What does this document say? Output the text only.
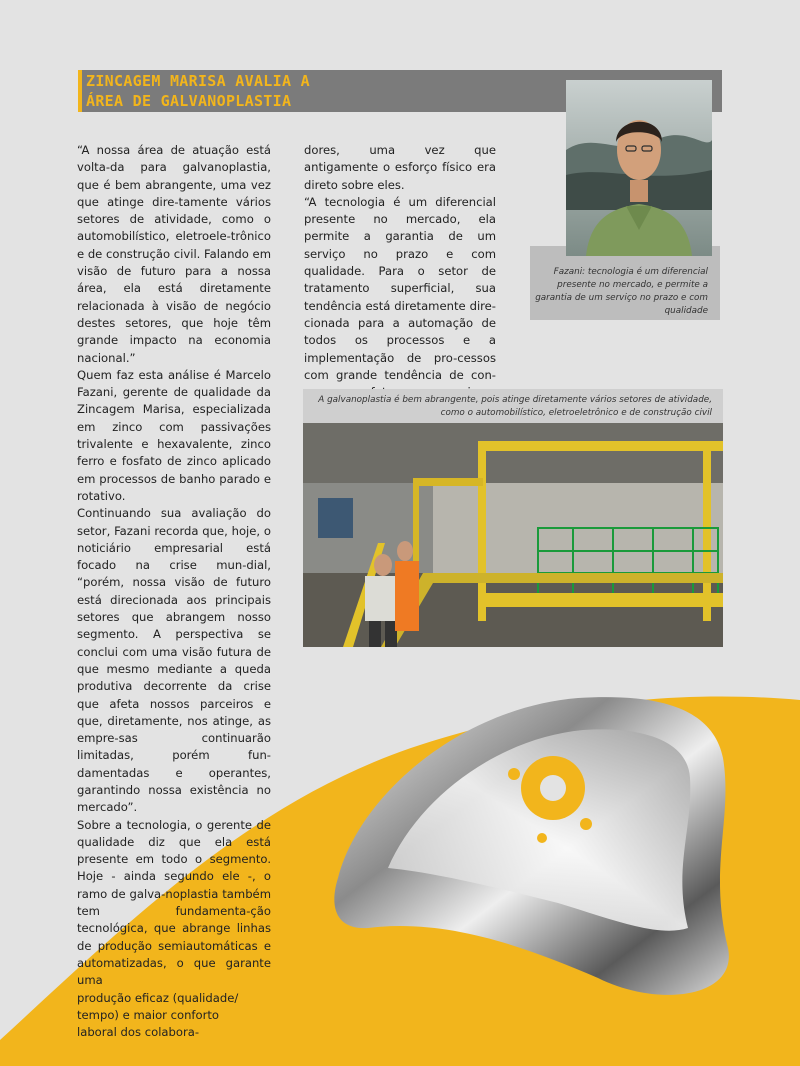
ZINCAGEM MARISA AVALIA A
ÁREA DE GALVANOPLASTIA

“A nossa área de atuação está volta-da para galvanoplastia, que é bem abrangente, uma vez que atinge dire-tamente vários setores de atividade, como o automobilístico, eletroele-trônico e de construção civil. Falando em visão de futuro para a nossa área, ela está diretamente relacionada à visão de negócio destes setores, que hoje têm grande impacto na economia nacional.”

Quem faz esta análise é Marcelo Fazani, gerente de qualidade da Zincagem Marisa, especializada em zinco com passivações trivalente e hexavalente, zinco ferro e fosfato de zinco aplicado em processos de banho parado e rotativo.

Continuando sua avaliação do setor, Fazani recorda que, hoje, o noticiário empresarial está focado na crise mun-dial, “porém, nossa visão de futuro está direcionada aos principais setores que abrangem nosso segmento. A perspectiva se conclui com uma visão futura de que mesmo mediante a queda produtiva decorrente da crise que afeta nossos parceiros e que, diretamente, nos atinge, as empre-sas continuarão limitadas, porém fun-damentadas e operantes, garantindo nossa existência no mercado”.

Sobre a tecnologia, o gerente de qualidade diz que ela está presente em todo o segmento. Hoje - ainda segundo ele -, o ramo de galva-noplastia também tem fundamenta-ção tecnológica, que abrange linhas de produção semiautomáticas e automatizadas, o que garante uma

produção eficaz (qualidade/

tempo) e maior conforto

laboral dos colabora-

dores, uma vez que antigamente o esforço físico era direto sobre eles.

“A tecnologia é um diferencial presente no mercado, ela permite a garantia de um serviço no prazo e com qualidade. Para o setor de tratamento superficial, sua tendência está diretamente dire-cionada para a automação de todos os processos e a implementação de pro-cessos com grande tendência de con-

Fazani: tecnologia é um diferencial presente no mercado, e permite a garantia de um serviço no prazo e com qualidade
A galvanoplastia é bem abrangente, pois atinge diretamente vários setores de atividade, como o automobilístico, eletroeletrônico e de construção civil
